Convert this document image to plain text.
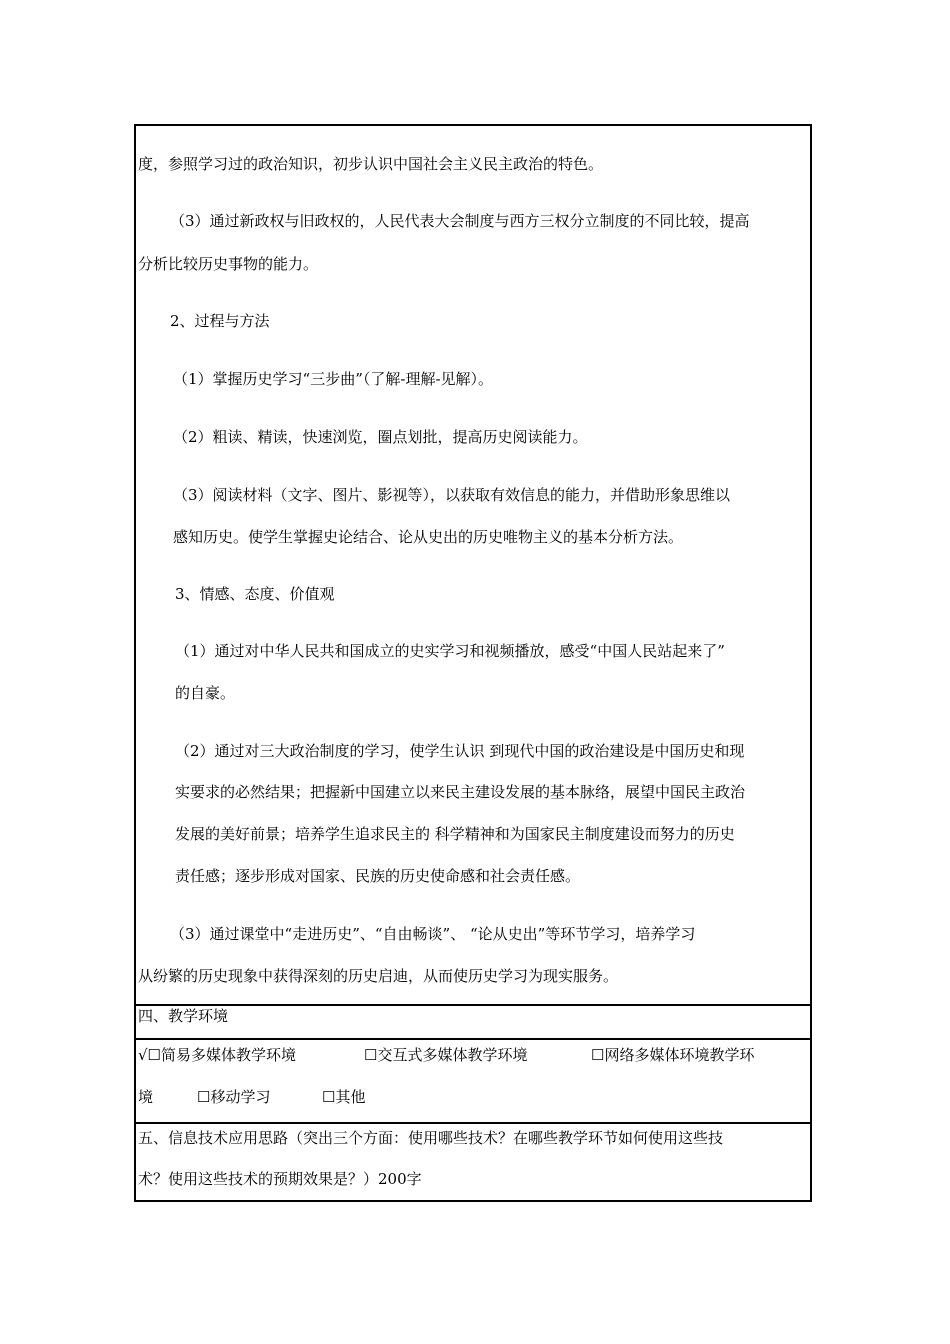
度，参照学习过的政治知识，初步认识中国社会主义民主政治的特色。
（3）通过新政权与旧政权的，人民代表大会制度与西方三权分立制度的不同比较，提高
分析比较历史事物的能力。
2、过程与方法
（1）掌握历史学习“三步曲”（了解-理解-见解）。
（2）粗读、精读，快速浏览，圈点划批，提高历史阅读能力。
（3）阅读材料（文字、图片、影视等），以获取有效信息的能力，并借助形象思维以
感知历史。使学生掌握史论结合、论从史出的历史唯物主义的基本分析方法。
3、情感、态度、价值观
（1）通过对中华人民共和国成立的史实学习和视频播放，感受“中国人民站起来了”
的自豪。
（2）通过对三大政治制度的学习，使学生认识 到现代中国的政治建设是中国历史和现
实要求的必然结果；把握新中国建立以来民主建设发展的基本脉络，展望中国民主政治
发展的美好前景；培养学生追求民主的 科学精神和为国家民主制度建设而努力的历史
责任感；逐步形成对国家、民族的历史使命感和社会责任感。
（3）通过课堂中“走进历史”、“自由畅谈”、 “论从史出”等环节学习，培养学习
从纷繁的历史现象中获得深刻的历史启迪，从而使历史学习为现实服务。
四、教学环境
√☐简易多媒体教学环境	☐交互式多媒体教学环境	☐网络多媒体环境教学环
境	☐移动学习	☐其他
五、信息技术应用思路（突出三个方面：使用哪些技术？在哪些教学环节如何使用这些技
术？使用这些技术的预期效果是？）200字
